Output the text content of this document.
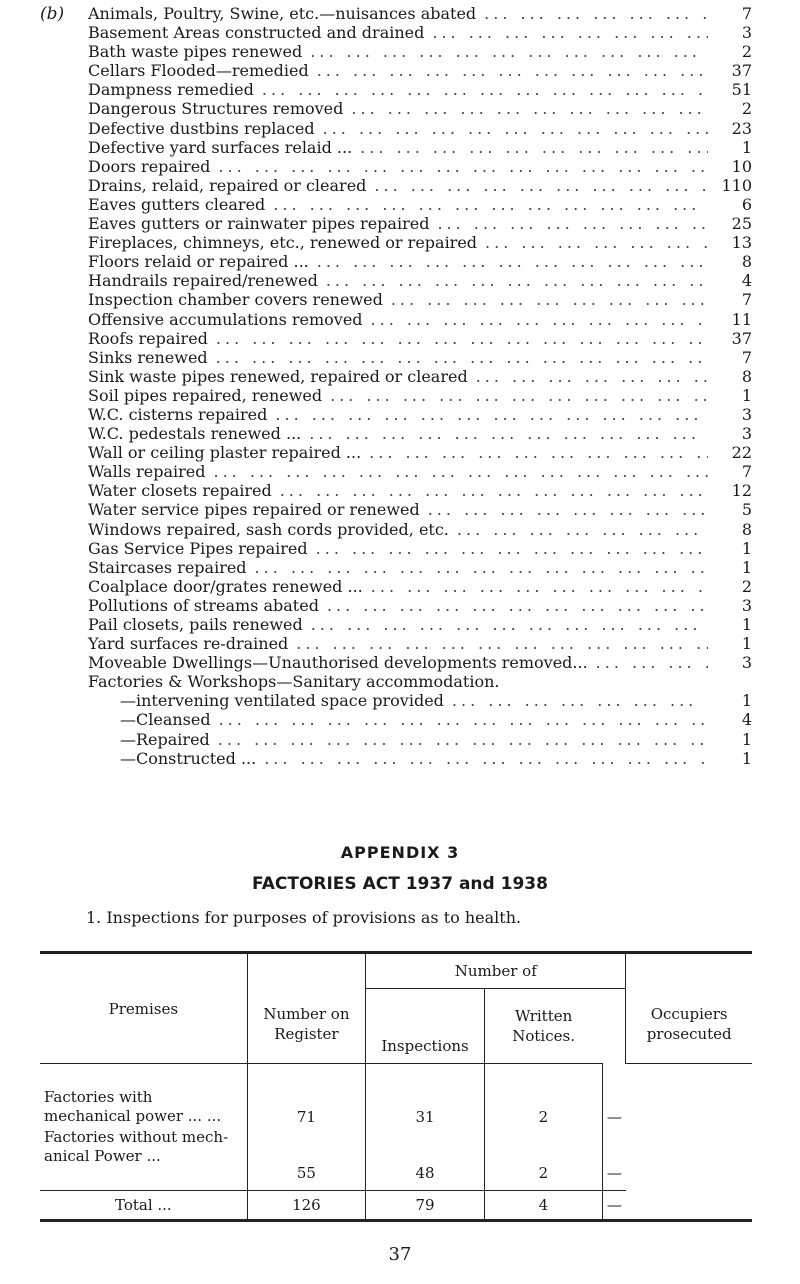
(b) Animals, Poultry, Swine, etc.—nuisances abated ... .	7
Basement Areas constructed and drained ... .	3
Bath waste pipes renewed ... .	2
Cellars Flooded—remedied ... .	37
Dampness remedied ... .	51
Dangerous Structures removed ... .	2
Defective dustbins replaced ... .	23
Defective yard surfaces relaid ... ... .	1
Doors repaired ... .	10
Drains, relaid, repaired or cleared ... .	110
Eaves gutters cleared ... .	6
Eaves gutters or rainwater pipes repaired ... .	25
Fireplaces, chimneys, etc., renewed or repaired ... .	13
Floors relaid or repaired ... ... .	8
Handrails repaired/renewed ... .	4
Inspection chamber covers renewed ... .	7
Offensive accumulations removed ... .	11
Roofs repaired ... .	37
Sinks renewed ... .	7
Sink waste pipes renewed, repaired or cleared ... .	8
Soil pipes repaired, renewed ... .	1
W.C. cisterns repaired ... .	3
W.C. pedestals renewed ... ... .	3
Wall or ceiling plaster repaired ... ... .	22
Walls repaired ... .	7
Water closets repaired ... .	12
Water service pipes repaired or renewed ... .	5
Windows repaired, sash cords provided, etc. ... .	8
Gas Service Pipes repaired ... .	1
Staircases repaired ... .	1
Coalplace door/grates renewed ... ... .	2
Pollutions of streams abated ... .	3
Pail closets, pails renewed ... .	1
Yard surfaces re-drained ... .	1
Moveable Dwellings—Unauthorised developments removed... ... .	3
Factories & Workshops—Sanitary accommodation.
—intervening ventilated space provided ... .	1
—Cleansed ... .	4
—Repaired ... .	1
—Constructed ... ... .	1
APPENDIX 3
FACTORIES ACT 1937 and 1938
1. Inspections for purposes of provisions as to health.
Premises	Number on Register	Number of			Occupiers prosecuted
		Inspections	Written Notices.		
Factories with mechanical power ... ...	71	31	2	—	
Factories without mech-anical Power ...	55	48	2	—	
Total ...	126	79	4	—	
37
